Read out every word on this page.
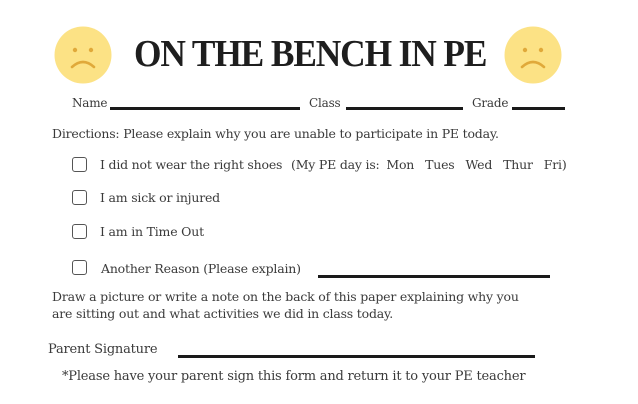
ON THE BENCH IN PE
Name	Class	Grade
Directions: Please explain why you are unable to participate in PE today.
I did not wear the right shoes (My PE day is: Mon Tues Wed Thur Fri)
I am sick or injured
I am in Time Out
Another Reason (Please explain)
Draw a picture or write a note on the back of this paper explaining why you
are sitting out and what activities we did in class today.
Parent Signature
*Please have your parent sign this form and return it to your PE teacher
